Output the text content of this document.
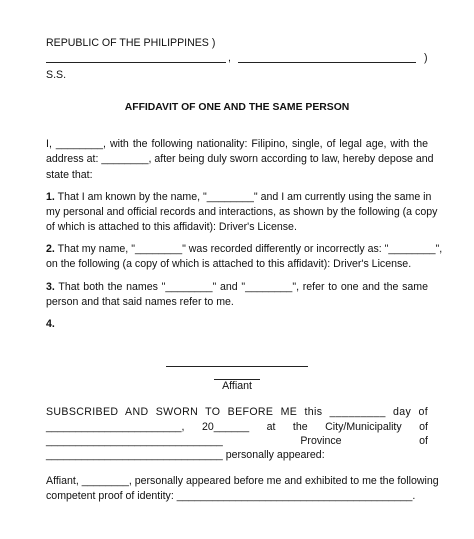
REPUBLIC OF THE PHILIPPINES )
,	)
S.S.
AFFIDAVIT OF ONE AND THE SAME PERSON
I, ________, with the following nationality: Filipino, single, of legal age, with the
address at: ________, after being duly sworn according to law, hereby depose and
state that:
1. That I am known by the name, "________" and I am currently using the same in
my personal and official records and interactions, as shown by the following (a copy
of which is attached to this affidavit): Driver's License.
2. That my name, "________" was recorded differently or incorrectly as: "________",
on the following (a copy of which is attached to this affidavit): Driver's License.
3. That both the names "________" and "________", refer to one and the same
person and that said names refer to me.
4.
Affiant
SUBSCRIBED AND SWORN TO BEFORE ME this _________ day of
_______________________, 20______ at the City/Municipality of
______________________________ Province of
______________________________ personally appeared:
Affiant, ________, personally appeared before me and exhibited to me the following
competent proof of identity: ________________________________________.
